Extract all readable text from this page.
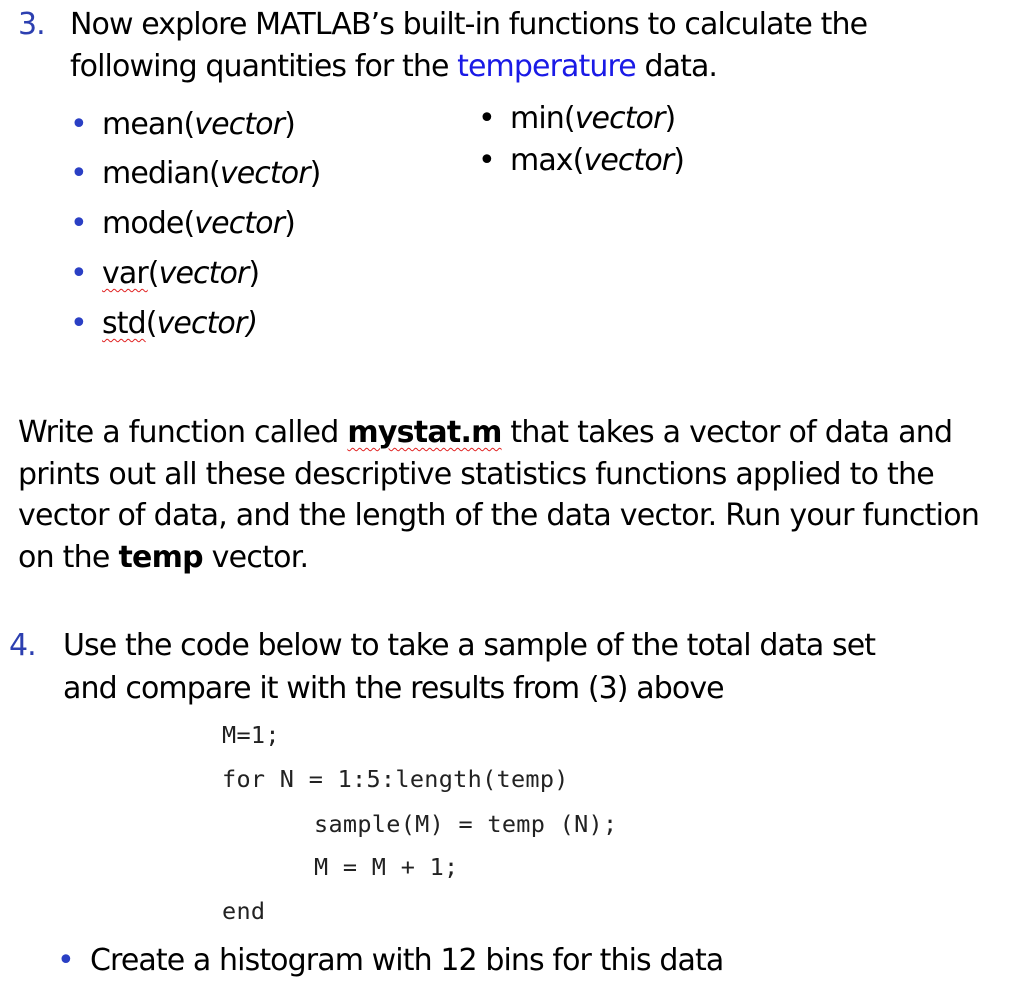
3. Now explore MATLAB’s built-in functions to calculate the
following quantities for the temperature data.
• mean(vector)
• median(vector)
• mode(vector)
• var(vector)
• std(vector)
• min(vector)
• max(vector)
Write a function called mystat.m that takes a vector of data and prints out all these descriptive statistics functions applied to the vector of data, and the length of the data vector. Run your function on the temp vector.
4. Use the code below to take a sample of the total data set
and compare it with the results from (3) above
M=1;
for N = 1:5:length(temp)
sample(M) = temp (N);
M = M + 1;
end
• Create a histogram with 12 bins for this data
